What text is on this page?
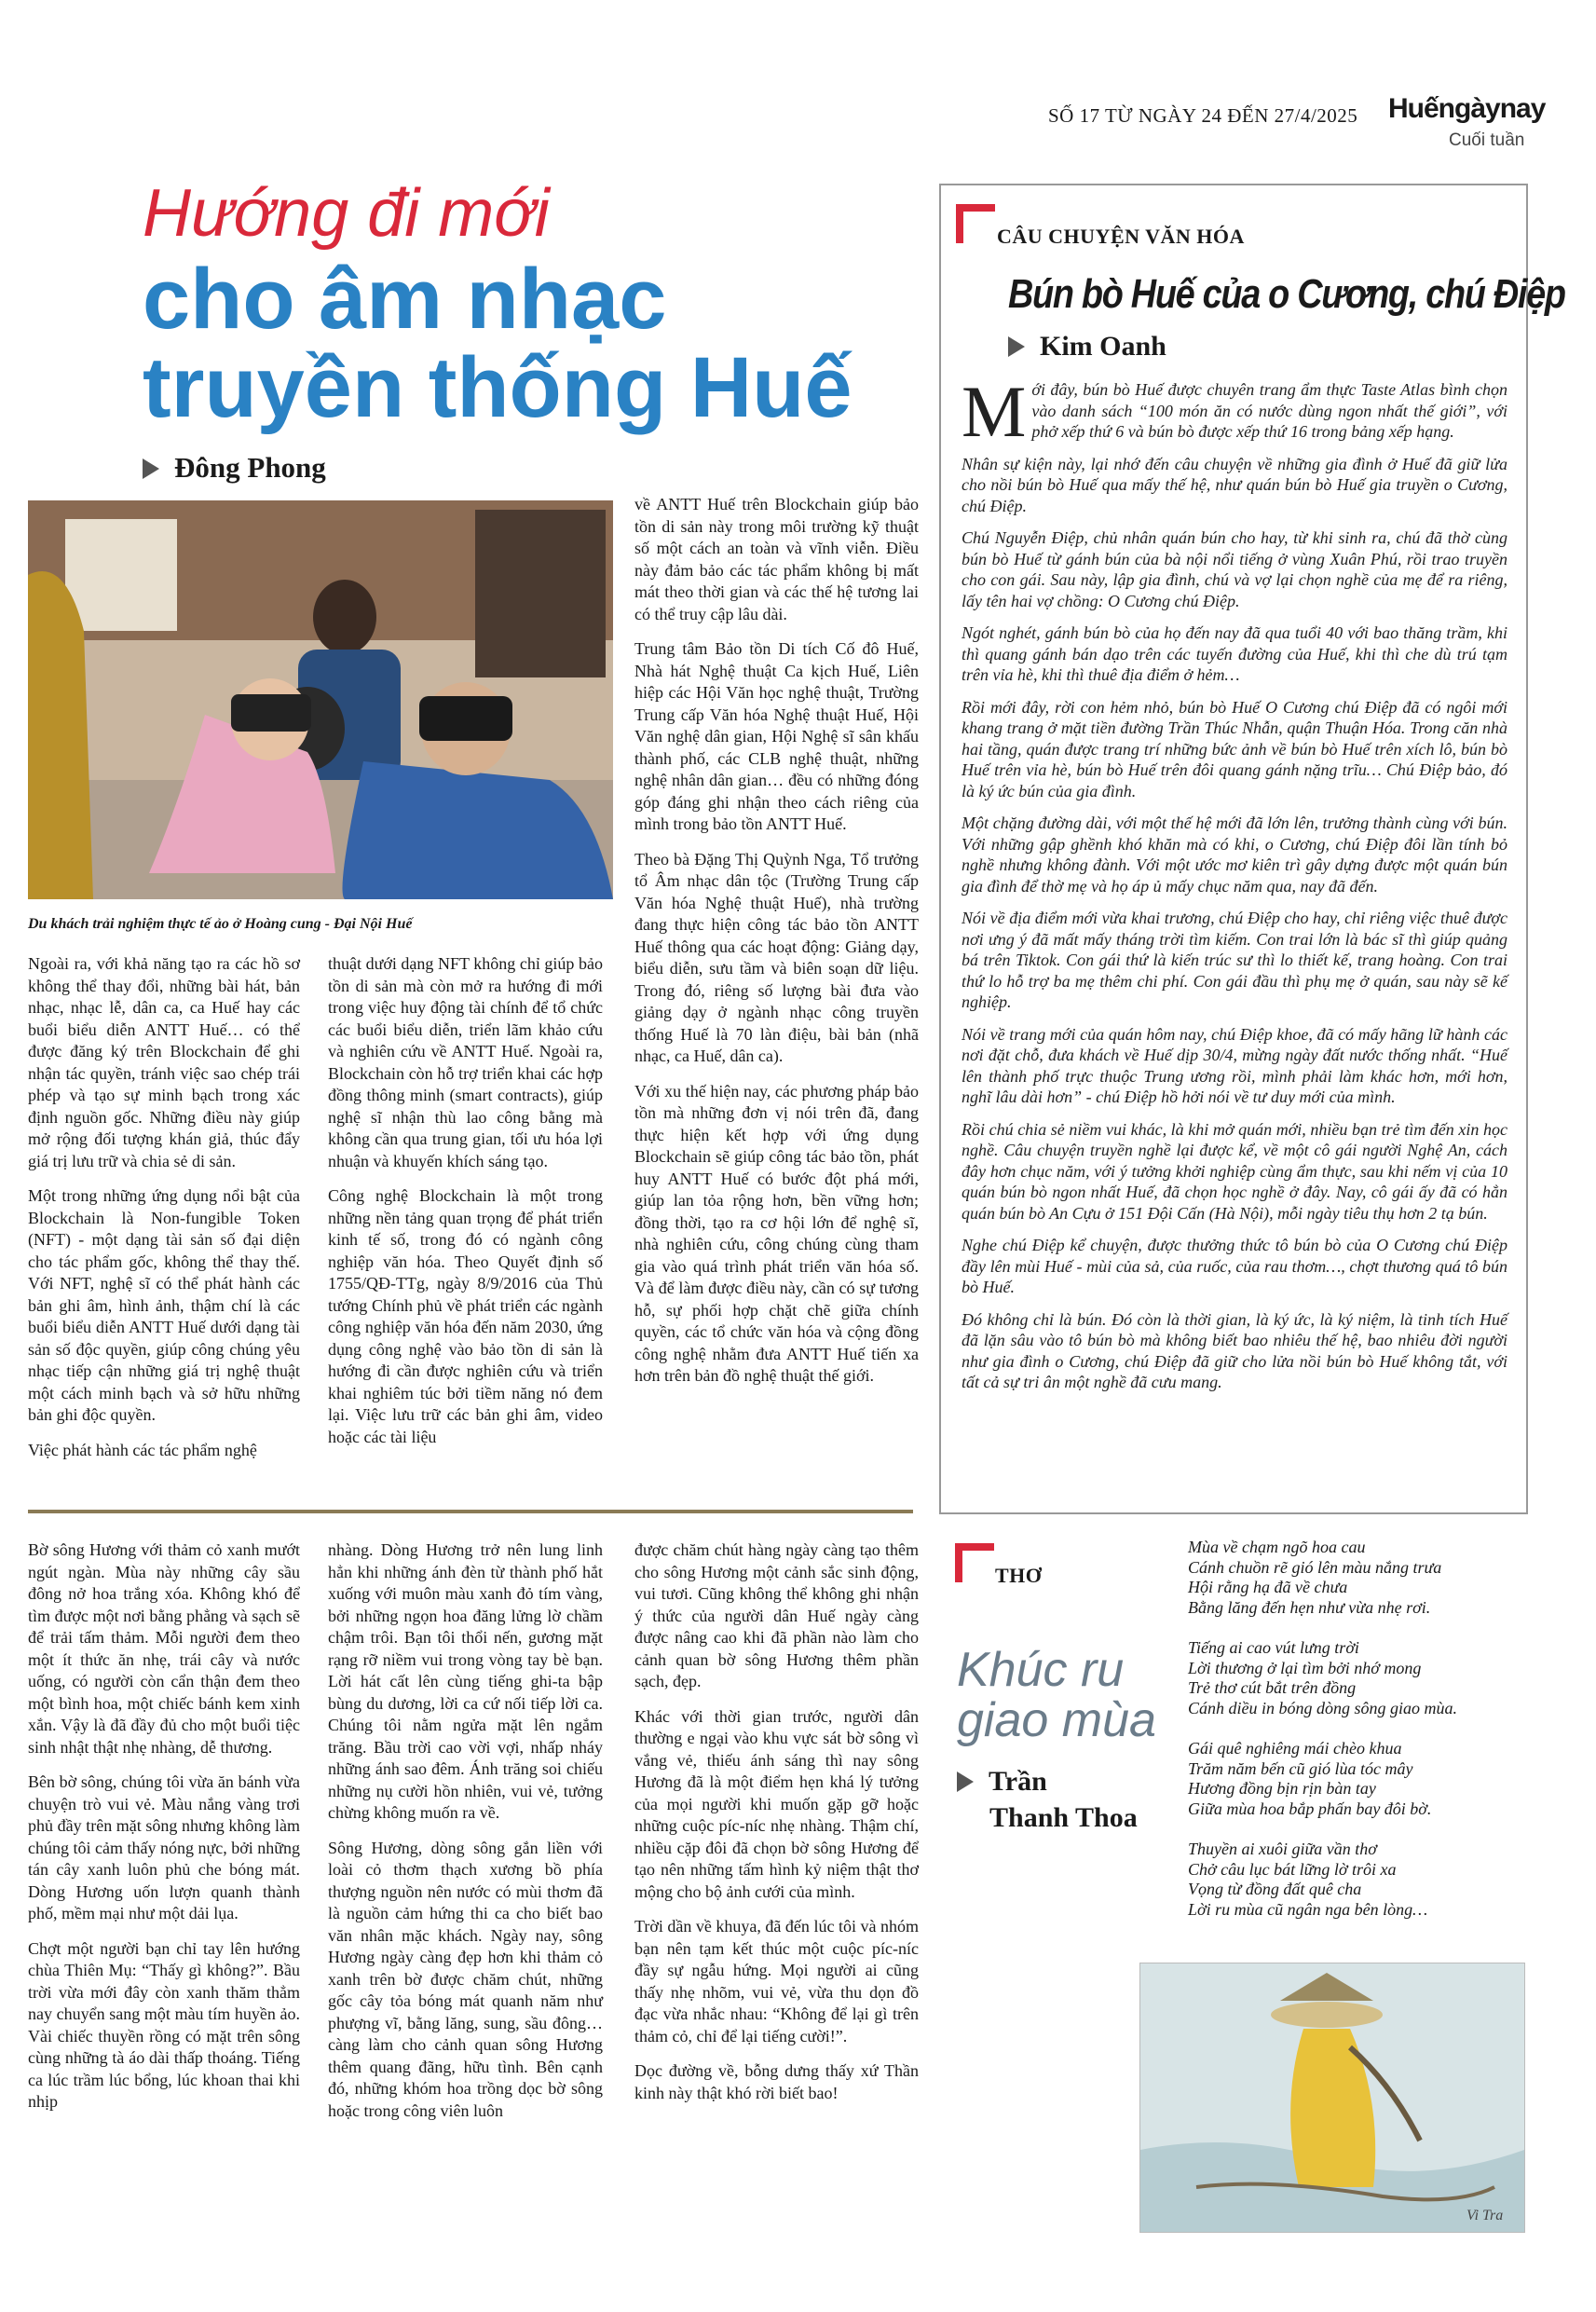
SỐ 17 TỪ NGÀY 24 ĐẾN 27/4/2025 Huếngàynay
Cuối tuần
Hướng đi mới
cho âm nhạc
truyền thống Huế
Đông Phong
Du khách trải nghiệm thực tế ảo ở Hoàng cung - Đại Nội Huế

Ngoài ra, với khả năng tạo ra các hồ sơ không thể thay đổi, những bài hát, bản nhạc, nhạc lễ, dân ca, ca Huế hay các buổi biểu diễn ANTT Huế… có thể được đăng ký trên Blockchain để ghi nhận tác quyền, tránh việc sao chép trái phép và tạo sự minh bạch trong xác định nguồn gốc. Những điều này giúp mở rộng đối tượng khán giả, thúc đẩy giá trị lưu trữ và chia sẻ di sản.

Một trong những ứng dụng nổi bật của Blockchain là Non-fungible Token (NFT) - một dạng tài sản số đại diện cho tác phẩm gốc, không thể thay thế. Với NFT, nghệ sĩ có thể phát hành các bản ghi âm, hình ảnh, thậm chí là các buổi biểu diễn ANTT Huế dưới dạng tài sản số độc quyền, giúp công chúng yêu nhạc tiếp cận những giá trị nghệ thuật một cách minh bạch và sở hữu những bản ghi độc quyền.

Việc phát hành các tác phẩm nghệ

thuật dưới dạng NFT không chỉ giúp bảo tồn di sản mà còn mở ra hướng đi mới trong việc huy động tài chính để tổ chức các buổi biểu diễn, triển lãm khảo cứu và nghiên cứu về ANTT Huế. Ngoài ra, Blockchain còn hỗ trợ triển khai các hợp đồng thông minh (smart contracts), giúp nghệ sĩ nhận thù lao công bằng mà không cần qua trung gian, tối ưu hóa lợi nhuận và khuyến khích sáng tạo.

Công nghệ Blockchain là một trong những nền tảng quan trọng để phát triển kinh tế số, trong đó có ngành công nghiệp văn hóa. Theo Quyết định số 1755/QĐ-TTg, ngày 8/9/2016 của Thủ tướng Chính phủ về phát triển các ngành công nghiệp văn hóa đến năm 2030, ứng dụng công nghệ vào bảo tồn di sản là hướng đi cần được nghiên cứu và triển khai nghiêm túc bởi tiềm năng nó đem lại. Việc lưu trữ các bản ghi âm, video hoặc các tài liệu

về ANTT Huế trên Blockchain giúp bảo tồn di sản này trong môi trường kỹ thuật số một cách an toàn và vĩnh viễn. Điều này đảm bảo các tác phẩm không bị mất mát theo thời gian và các thế hệ tương lai có thể truy cập lâu dài.

Trung tâm Bảo tồn Di tích Cố đô Huế, Nhà hát Nghệ thuật Ca kịch Huế, Liên hiệp các Hội Văn học nghệ thuật, Trường Trung cấp Văn hóa Nghệ thuật Huế, Hội Văn nghệ dân gian, Hội Nghệ sĩ sân khấu thành phố, các CLB nghệ thuật, những nghệ nhân dân gian… đều có những đóng góp đáng ghi nhận theo cách riêng của mình trong bảo tồn ANTT Huế.

Theo bà Đặng Thị Quỳnh Nga, Tổ trưởng tổ Âm nhạc dân tộc (Trường Trung cấp Văn hóa Nghệ thuật Huế), nhà trường đang thực hiện công tác bảo tồn ANTT Huế thông qua các hoạt động: Giảng dạy, biểu diễn, sưu tầm và biên soạn dữ liệu. Trong đó, riêng số lượng bài đưa vào giảng dạy ở ngành nhạc công truyền thống Huế là 70 làn điệu, bài bản (nhã nhạc, ca Huế, dân ca).

Với xu thế hiện nay, các phương pháp bảo tồn mà những đơn vị nói trên đã, đang thực hiện kết hợp với ứng dụng Blockchain sẽ giúp công tác bảo tồn, phát huy ANTT Huế có bước đột phá mới, giúp lan tỏa rộng hơn, bền vững hơn; đồng thời, tạo ra cơ hội lớn để nghệ sĩ, nhà nghiên cứu, công chúng cùng tham gia vào quá trình phát triển văn hóa số. Và để làm được điều này, cần có sự tương hỗ, sự phối hợp chặt chẽ giữa chính quyền, các tổ chức văn hóa và cộng đồng công nghệ nhằm đưa ANTT Huế tiến xa hơn trên bản đồ nghệ thuật thế giới.

CÂU CHUYỆN VĂN HÓA
Bún bò Huế của o Cương, chú Điệp
Kim Oanh

Mới đây, bún bò Huế được chuyên trang ẩm thực Taste Atlas bình chọn vào danh sách “100 món ăn có nước dùng ngon nhất thế giới”, với phở xếp thứ 6 và bún bò được xếp thứ 16 trong bảng xếp hạng.

Nhân sự kiện này, lại nhớ đến câu chuyện về những gia đình ở Huế đã giữ lửa cho nồi bún bò Huế qua mấy thế hệ, như quán bún bò Huế gia truyền o Cương, chú Điệp.

Chú Nguyễn Điệp, chủ nhân quán bún cho hay, từ khi sinh ra, chú đã thờ cùng bún bò Huế từ gánh bún của bà nội nổi tiếng ở vùng Xuân Phú, rồi trao truyền cho con gái. Sau này, lập gia đình, chú và vợ lại chọn nghề của mẹ để ra riêng, lấy tên hai vợ chồng: O Cương chú Điệp.

Ngót nghét, gánh bún bò của họ đến nay đã qua tuổi 40 với bao thăng trầm, khi thì quang gánh bán dạo trên các tuyến đường của Huế, khi thì che dù trú tạm trên vỉa hè, khi thì thuê địa điểm ở hẻm…

Rồi mới đây, rời con hẻm nhỏ, bún bò Huế O Cương chú Điệp đã có ngôi mới khang trang ở mặt tiền đường Trần Thúc Nhẫn, quận Thuận Hóa. Trong căn nhà hai tầng, quán được trang trí những bức ảnh về bún bò Huế trên xích lô, bún bò Huế trên vỉa hè, bún bò Huế trên đôi quang gánh nặng trĩu… Chú Điệp bảo, đó là ký ức bún của gia đình.

Một chặng đường dài, với một thế hệ mới đã lớn lên, trưởng thành cùng với bún. Với những gập ghềnh khó khăn mà có khi, o Cương, chú Điệp đôi lần tính bỏ nghề nhưng không đành. Với một ước mơ kiên trì gây dựng được một quán bún gia đình để thờ mẹ và họ áp ủ mấy chục năm qua, nay đã đến.

Nói về địa điểm mới vừa khai trương, chú Điệp cho hay, chỉ riêng việc thuê được nơi ưng ý đã mất mấy tháng trời tìm kiếm. Con trai lớn là bác sĩ thì giúp quảng bá trên Tiktok. Con gái thứ là kiến trúc sư thì lo thiết kế, trang hoàng. Con trai thứ lo hỗ trợ ba mẹ thêm chi phí. Con gái đầu thì phụ mẹ ở quán, sau này sẽ kế nghiệp.

Nói về trang mới của quán hôm nay, chú Điệp khoe, đã có mấy hãng lữ hành các nơi đặt chỗ, đưa khách về Huế dịp 30/4, mừng ngày đất nước thống nhất. “Huế lên thành phố trực thuộc Trung ương rồi, mình phải làm khác hơn, mới hơn, nghĩ lâu dài hơn” - chú Điệp hồ hởi nói về tư duy mới của mình.

Rồi chú chia sẻ niềm vui khác, là khi mở quán mới, nhiều bạn trẻ tìm đến xin học nghề. Câu chuyện truyền nghề lại được kể, về một cô gái người Nghệ An, cách đây hơn chục năm, với ý tưởng khởi nghiệp cùng ẩm thực, sau khi nếm vị của 10 quán bún bò ngon nhất Huế, đã chọn học nghề ở đây. Nay, cô gái ấy đã có hẳn quán bún bò An Cựu ở 151 Đội Cấn (Hà Nội), mỗi ngày tiêu thụ hơn 2 tạ bún.

Nghe chú Điệp kể chuyện, được thưởng thức tô bún bò của O Cương chú Điệp đầy lên mùi Huế - mùi của sả, của ruốc, của rau thơm…, chợt thương quá tô bún bò Huế.

Đó không chỉ là bún. Đó còn là thời gian, là ký ức, là ký niệm, là tinh tích Huế đã lặn sâu vào tô bún bò mà không biết bao nhiêu thế hệ, bao nhiêu đời người như gia đình o Cương, chú Điệp đã giữ cho lửa nồi bún bò Huế không tắt, với tất cả sự tri ân một nghề đã cưu mang.

Bờ sông Hương với thảm cỏ xanh mướt ngút ngàn. Mùa này những cây sầu đông nở hoa trắng xóa. Không khó để tìm được một nơi bằng phẳng và sạch sẽ để trải tấm thảm. Mỗi người đem theo một ít thức ăn nhẹ, trái cây và nước uống, có người còn cẩn thận đem theo một bình hoa, một chiếc bánh kem xinh xắn. Vậy là đã đầy đủ cho một buổi tiệc sinh nhật thật nhẹ nhàng, dễ thương.

Bên bờ sông, chúng tôi vừa ăn bánh vừa chuyện trò vui vẻ. Màu nắng vàng trơi phủ đầy trên mặt sông nhưng không làm chúng tôi cảm thấy nóng nực, bởi những tán cây xanh luôn phủ che bóng mát. Dòng Hương uốn lượn quanh thành phố, mềm mại như một dải lụa.

Chợt một người bạn chỉ tay lên hướng chùa Thiên Mụ: “Thấy gì không?”. Bầu trời vừa mới đây còn xanh thăm thẳm nay chuyển sang một màu tím huyền ảo. Vài chiếc thuyền rồng có mặt trên sông cùng những tà áo dài thấp thoáng. Tiếng ca lúc trầm lúc bổng, lúc khoan thai khi nhịp

nhàng. Dòng Hương trở nên lung linh hẳn khi những ánh đèn từ thành phố hắt xuống với muôn màu xanh đỏ tím vàng, bởi những ngọn hoa đăng lửng lờ chầm chậm trôi. Bạn tôi thổi nến, gương mặt rạng rỡ niềm vui trong vòng tay bè bạn. Lời hát cất lên cùng tiếng ghi-ta bập bùng du dương, lời ca cứ nối tiếp lời ca. Chúng tôi nằm ngửa mặt lên ngắm trăng. Bầu trời cao vời vợi, nhấp nháy những ánh sao đêm. Ánh trăng soi chiếu những nụ cười hồn nhiên, vui vẻ, tưởng chừng không muốn ra về.

Sông Hương, dòng sông gắn liền với loài cỏ thơm thạch xương bồ phía thượng nguồn nên nước có mùi thơm đã là nguồn cảm hứng thi ca cho biết bao văn nhân mặc khách. Ngày nay, sông Hương ngày càng đẹp hơn khi thảm cỏ xanh trên bờ được chăm chút, những gốc cây tỏa bóng mát quanh năm như phượng vĩ, bằng lăng, sung, sầu đông… càng làm cho cảnh quan sông Hương thêm quang đãng, hữu tình. Bên cạnh đó, những khóm hoa trồng dọc bờ sông hoặc trong công viên luôn

được chăm chút hàng ngày càng tạo thêm cho sông Hương một cảnh sắc sinh động, vui tươi. Cũng không thể không ghi nhận ý thức của người dân Huế ngày càng được nâng cao khi đã phần nào làm cho cảnh quan bờ sông Hương thêm phần sạch, đẹp.

Khác với thời gian trước, người dân thường e ngại vào khu vực sát bờ sông vì vắng vẻ, thiếu ánh sáng thì nay sông Hương đã là một điểm hẹn khá lý tưởng của mọi người khi muốn gặp gỡ hoặc những cuộc píc-níc nhẹ nhàng. Thậm chí, nhiều cặp đôi đã chọn bờ sông Hương để tạo nên những tấm hình kỷ niệm thật thơ mộng cho bộ ảnh cưới của mình.

Trời dần về khuya, đã đến lúc tôi và nhóm bạn nên tạm kết thúc một cuộc píc-níc đầy sự ngẫu hứng. Mọi người ai cũng thấy nhẹ nhõm, vui vẻ, vừa thu dọn đồ đạc vừa nhắc nhau: “Không để lại gì trên thảm cỏ, chỉ để lại tiếng cười!”.

Dọc đường về, bỗng dưng thấy xứ Thần kinh này thật khó rời biết bao!

THƠ
Khúc ru
giao mùa
Trần
Thanh Thoa

Mùa về chạm ngõ hoa cau
Cánh chuồn rẽ gió lên màu nắng trưa
Hội rằng hạ đã về chưa
Bằng lăng đến hẹn như vừa nhẹ rơi.

Tiếng ai cao vút lưng trời
Lời thương ở lại tìm bởi nhớ mong
Trẻ thơ cút bắt trên đồng
Cánh diều in bóng dòng sông giao mùa.

Gái quê nghiêng mái chèo khua
Trăm năm bến cũ gió lùa tóc mây
Hương đồng bịn rịn bàn tay
Giữa mùa hoa bắp phấn bay đôi bờ.

Thuyền ai xuôi giữa vần thơ
Chở câu lục bát lững lờ trôi xa
Vọng từ đồng đất quê cha
Lời ru mùa cũ ngân nga bên lòng…

Vi Tra
